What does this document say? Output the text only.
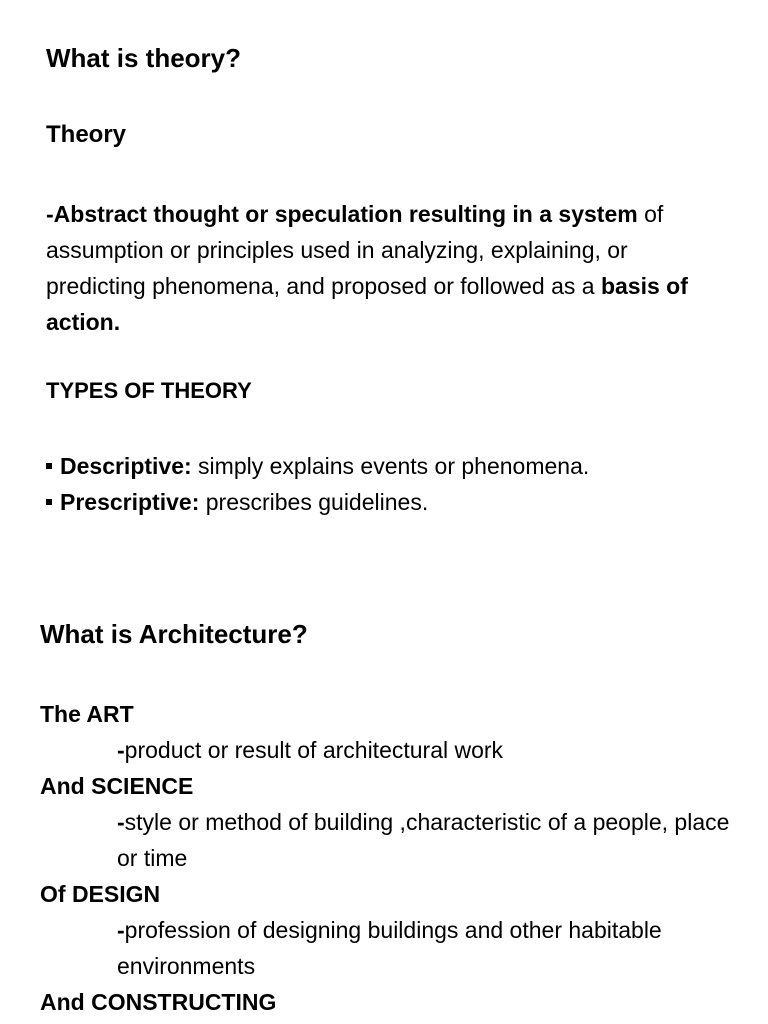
What is theory?
Theory

-Abstract thought or speculation resulting in a system of assumption or principles used in analyzing, explaining, or predicting phenomena, and proposed or followed as a basis of action.

TYPES OF THEORY
Descriptive: simply explains events or phenomena.
Prescriptive: prescribes guidelines.
What is Architecture?
The ART
-product or result of architectural work
And SCIENCE
-style or method of building ,characteristic of a people, place or time
Of DESIGN
-profession of designing buildings and other habitable environments
And CONSTRUCTING
